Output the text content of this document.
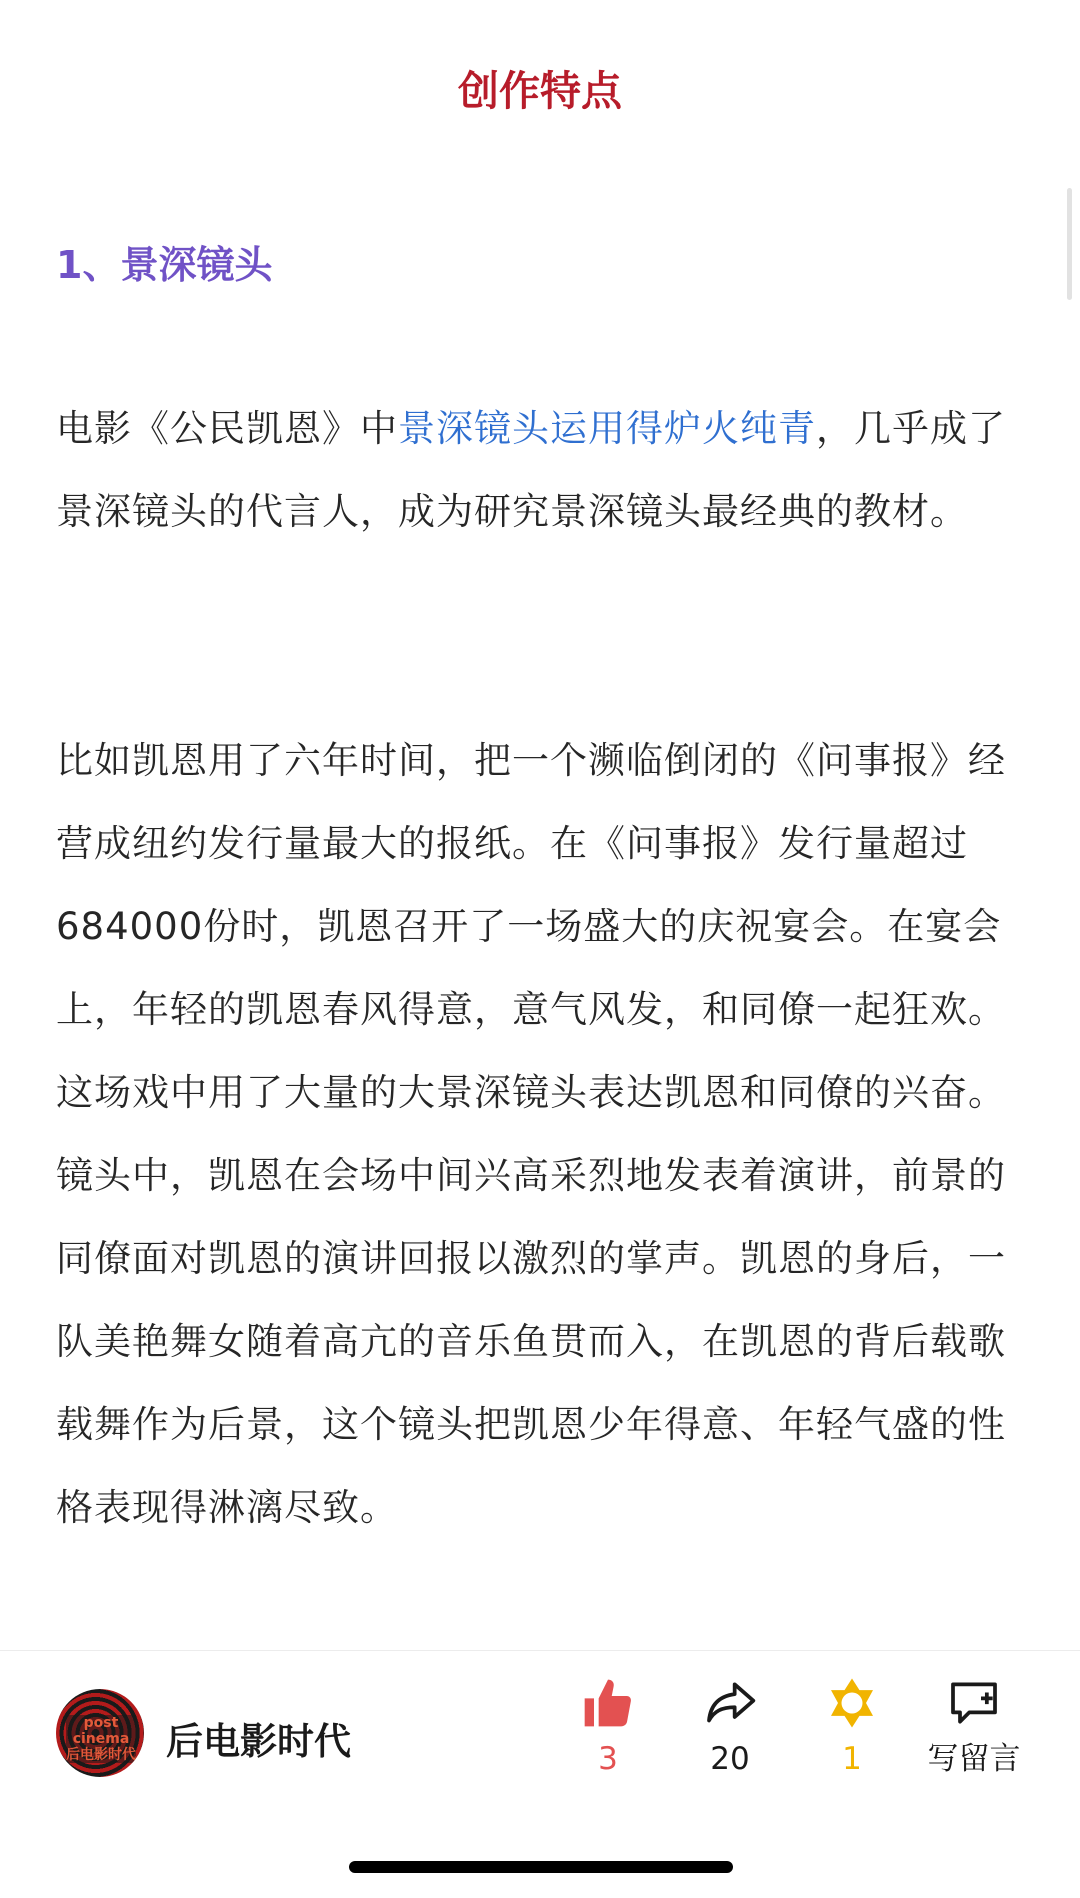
创作特点
1、景深镜头

电影《公民凯恩》中景深镜头运用得炉火纯青，几乎成了景深镜头的代言人，成为研究景深镜头最经典的教材。

比如凯恩用了六年时间，把一个濒临倒闭的《问事报》经营成纽约发行量最大的报纸。在《问事报》发行量超过684000份时，凯恩召开了一场盛大的庆祝宴会。在宴会上，年轻的凯恩春风得意，意气风发，和同僚一起狂欢。这场戏中用了大量的大景深镜头表达凯恩和同僚的兴奋。镜头中，凯恩在会场中间兴高采烈地发表着演讲，前景的同僚面对凯恩的演讲回报以激烈的掌声。凯恩的身后，一队美艳舞女随着高亢的音乐鱼贯而入，在凯恩的背后载歌载舞作为后景，这个镜头把凯恩少年得意、年轻气盛的性格表现得淋漓尽致。

post cinema 后电影时代 后电影时代	3	20	1	写留言
